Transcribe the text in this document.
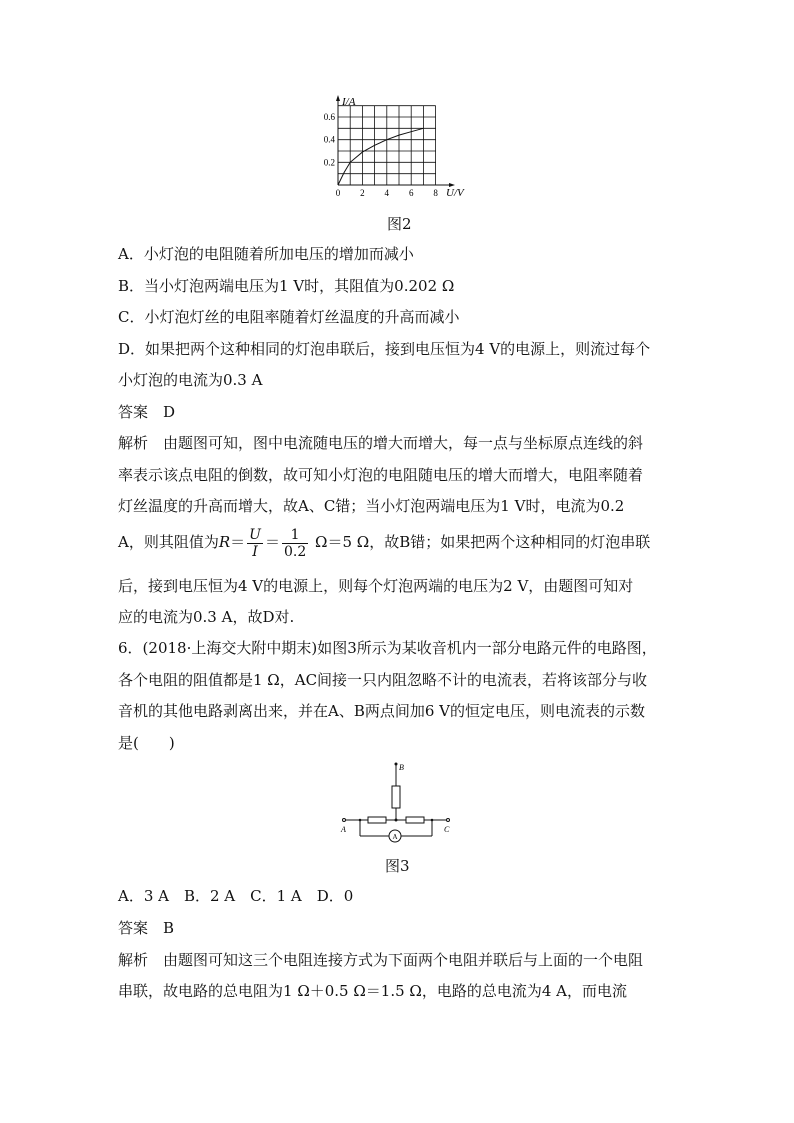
I/A
U/V
0.6
0.4
0.2
0 2 4 6 8
图2
A．小灯泡的电阻随着所加电压的增加而减小
B．当小灯泡两端电压为1 V时，其阻值为0.202 Ω
C．小灯泡灯丝的电阻率随着灯丝温度的升高而减小
D．如果把两个这种相同的灯泡串联后，接到电压恒为4 V的电源上，则流过每个
小灯泡的电流为0.3 A
答案　D
解析　由题图可知，图中电流随电压的增大而增大，每一点与坐标原点连线的斜
率表示该点电阻的倒数，故可知小灯泡的电阻随电压的增大而增大，电阻率随着
灯丝温度的升高而增大，故A、C错；当小灯泡两端电压为1 V时，电流为0.2
A，则其阻值为$R= \frac{U}{I} = \frac{1}{0.2} \Omega=5$ Ω，故B错；如果把两个这种相同的灯泡串联
后，接到电压恒为4 V的电源上，则每个灯泡两端的电压为2 V，由题图可知对
应的电流为0.3 A，故D对.
6．(2018·上海交大附中期末)如图3所示为某收音机内一部分电路元件的电路图，
各个电阻的阻值都是1 Ω，AC间接一只内阻忽略不计的电流表，若将该部分与收
音机的其他电路剥离出来，并在A、B两点间加6 V的恒定电压，则电流表的示数
是(　　)
B
A	C
A
图3
A．3 A　B．2 A　C．1 A　D．0
答案　B
解析　由题图可知这三个电阻连接方式为下面两个电阻并联后与上面的一个电阻
串联，故电路的总电阻为1 Ω＋0.5 Ω＝1.5 Ω，电路的总电流为4 A，而电流
